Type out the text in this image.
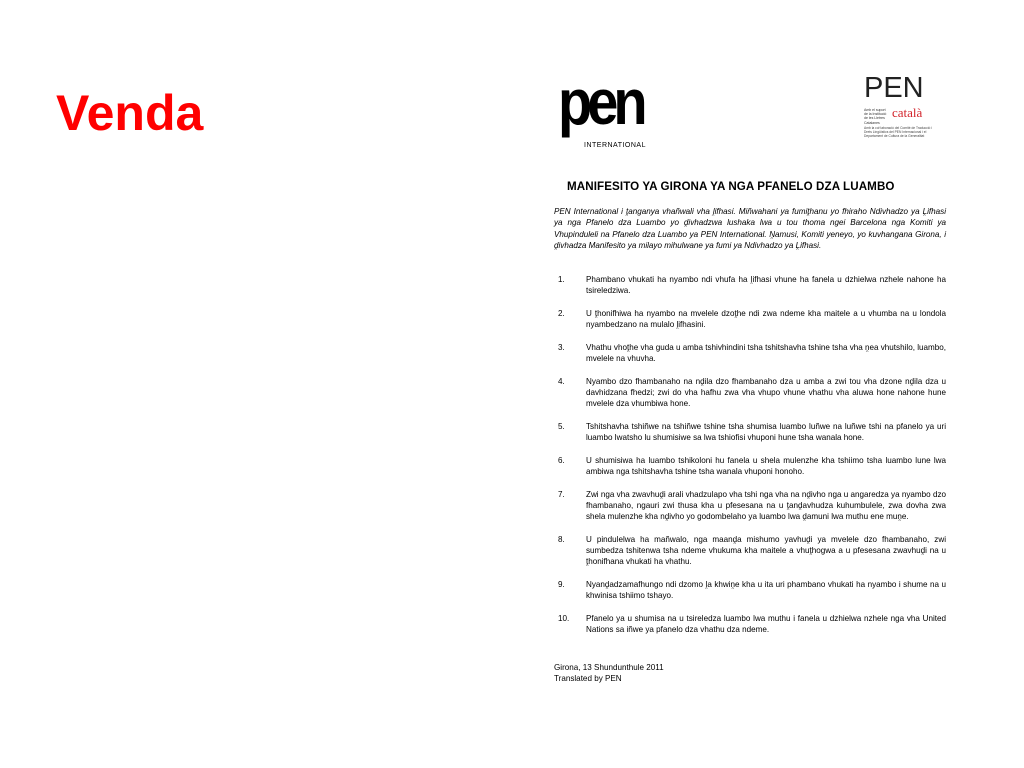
Venda	pen
INTERNATIONAL
PEN
Amb el suport de la Institució de les Lletres Catalanes
català
Amb la col·laboració del Comitè de Traducció i Drets Lingüístics del PEN Internacional i el Departament de Cultura de la Generalitat
MANIFESITO YA GIRONA YA NGA PFANELO DZA LUAMBO
PEN International i ṱanganya vhañwali vha ḽifhasi. Miñwahani ya fumiṱhanu yo fhiraho Ndivhadzo ya Ḽifhasi ya nga Pfanelo dza Luambo yo ḓivhadzwa lushaka lwa u tou thoma ngei Barcelona nga Komiti ya Vhupinduleli na Pfanelo dza Luambo ya PEN International. Ṋamusi, Komiti yeneyo, yo kuvhangana Girona, i ḓivhadza Manifesito ya milayo mihulwane ya fumi ya Ndivhadzo ya Ḽifhasi.
1.	Phambano vhukati ha nyambo ndi vhufa ha ḽifhasi vhune ha fanela u dzhielwa nzhele nahone ha tsireledziwa.
2.	U ṱhonifhiwa ha nyambo na mvelele dzoṱhe ndi zwa ndeme kha maitele a u vhumba na u londola nyambedzano na mulalo ḽifhasini.
3.	Vhathu vhoṱhe vha guda u amba tshivhindini tsha tshitshavha tshine tsha vha ṋea vhutshilo, luambo, mvelele na vhuvha.
4.	Nyambo dzo fhambanaho na nḓila dzo fhambanaho dza u amba a zwi tou vha dzone nḓila dza u davhidzana fhedzi; zwi do vha hafhu zwa vha vhupo vhune vhathu vha aluwa hone nahone hune mvelele dza vhumbiwa hone.
5.	Tshitshavha tshiñwe na tshiñwe tshine tsha shumisa luambo luñwe na luñwe tshi na pfanelo ya uri luambo lwatsho lu shumisiwe sa lwa tshiofisi vhuponi hune tsha wanala hone.
6.	U shumisiwa ha luambo tshikoloni hu fanela u shela mulenzhe kha tshiimo tsha luambo lune lwa ambiwa nga tshitshavha tshine tsha wanala vhuponi honoho.
7.	Zwi nga vha zwavhuḓi arali vhadzulapo vha tshi nga vha na nḓivho nga u angaredza ya nyambo dzo fhambanaho, ngauri zwi thusa kha u pfesesana na u ṱanḓavhudza kuhumbulele, zwa dovha zwa shela mulenzhe kha nḓivho yo godombelaho ya luambo lwa ḓamuni lwa muthu ene muṋe.
8.	U pindulelwa ha mañwalo, nga maanḓa mishumo yavhuḓi ya mvelele dzo fhambanaho, zwi sumbedza tshitenwa tsha ndeme vhukuma kha maitele a vhuṱhogwa a u pfesesana zwavhuḓi na u ṱhonifhana vhukati ha vhathu.
9.	Nyanḓadzamafhungo ndi dzomo ḽa khwiṋe kha u ita uri phambano vhukati ha nyambo i shume na u khwinisa tshiimo tshayo.
10. Pfanelo ya u shumisa na u tsireledza luambo lwa muthu i fanela u dzhielwa nzhele nga vha United Nations sa iñwe ya pfanelo dza vhathu dza ndeme.
Girona, 13 Shundunthule 2011
Translated by PEN
